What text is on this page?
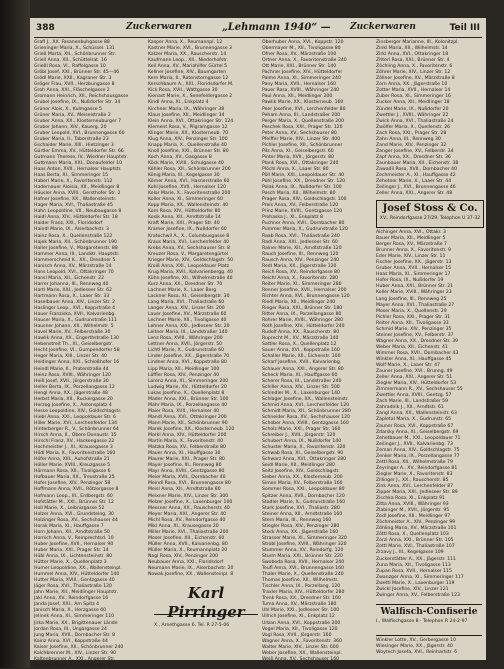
388	Zuckerwaren	„Lehmann 1940“ — Zuckerwaren	Teil III
Grafl J., XX. Fasanenbuhgasse 88
Grieninger Maria, X., Schüssel. 131
Grieß Marta, XII., Schönbrunner Str.
Griell Anna, XII., Schüttelrat. 16
Grießl Rosa, VI., Raffelgasse 10
Gröbl Josef, XXI., Brünner Str. 45—46
Grödl Marie, XXII., Kagraner Str. 3
Gröger Frau, XVII., Herzbungasse 8
Groh Anna, XXI., Fläschelgasse 2
Gromann Heinrich, XII., Reichshausgasse
Grubel Josefine, IX., Nußdorfer Str. 34
Grüner Alois, X., Kulmgasse 5
Grüner Maria, XV., Meiselstraße 2
Gruber Anna, XX., Klosterneuburger 7
Gruber Johann, XIV., Kauerg. 20
Gruber Leopold, XVI., Brunnengasse 60
Gruber Maria, II., Taborstraße 23
Gschaider Marie, XIII., Hietzinger 3
Gürtler Emma, XV., Hütteldorfer Str. 66
Gutmann Therese, IV., Wiedner Hauptstr.
Guttmann Maria, XXI., Donaufelder 10
Haas Anton, XVII., Hernalser Hauptstr.
Haas Berta, XI., Simmeringer 15
Haberl Marie, X., Favoritenstr. 112
Hadernauer Aloisia, XII., Meidlinger 8
Häusler Anna, XVIII., Gersthofer Str. 2
Hafner Josefine, XX., Wallensteinstr.
Hager Maria, XVI., Thaliastraße 45
Hahn Leopoldine, VII., Neubaugasse 8
Haidl Anna, XIV., Hütteldorfer Str. 18
Haider Franz, XXI., Floridsdorf
Haindl Marie, IX., Alserbachstr. 3
Hainz Rosa, X., Quellenstraße 122
Hajek Maria, XII., Schönbrunner 190
Haller Josefine, V., Margaretenstr. 88
Hammer Anna, III., Landstr. Hauptstr.
Hammerschmid K., XX., Dresdner 5
Hanisch Anna, XV., Märzstraße 14
Hans Leopold, XVI., Ottakringer 70
Hansl Maria, XII., Eichenstr. 22
Harrer Johanna, III., Rennweg 40
Hartl Marie, XXI., Jedleseer Str. 62
Hartmann Rosa, X., Laaer Str. 33
Haselbauer Anna, XIV., Linzer Str. 2
Haslinger Leop., XVI., Koppstraße 4
Hauer Franziska, XVII., Kalvarienbg.
Hauser Maria, X., Gudrunstraße 111
Hausner Johann, XII., Wilhelmstr. 5
Havel Marie, XV., Felberstraße 30
Hawlik Anna, XX., Engerthstraße 130
Hebenstreit Th., XI., Geiselbergstr.
Hecht Josefine, VI., Gumpendorfer 58
Heger Maria, XIII., Linzer Str. 40
Heidinger Anna, XXI., Schloßhofer 16
Heindl Marie, II., Praterstraße 44
Heinz Rosa, XVIII., Währinger 120
Heiß Josef, XVII., Jörgerstraße 30
Heller Berta, IX., Porzellangasse 12
Hengl Anna, XX., Jägerstraße 48
Herbst Maria, XII., Ruckergasse 20
Herzog Josefine, X., Antonsplatz 4
Hesse Leopoldine, XIV., Goldschlagstr.
Hiebl Anna, XXI., Leopoldauer Str. 6
Hiller Marie, XVI., Lerchenfelder 134
Hinterberger R., V., Schönbrunner 64
Hirsch Anna, II., Obere Donaustr. 15
Hirschl Franz, XV., Hackengasse 22
Hochmeister J., XI., Krausegasse 3
Hödl Maria, X., Favoritenstraße 160
Höfer Anna, XIII., Auhofstraße 21
Höller Marie, XVIII., Kreuzgasse 5
Hörmann Rosa, XII., Tivoligasse 6
Hofbauer Maria, XX., Treustraße 25
Hofer Josefine, XIV., Penzinger 58
Hoffmann Anna, XVII., Rötzergasse 8
Hofmann Leop., III., Erdbergstr. 60
Hofstätter M., XXI., Brünner Str. 12
Holl Marie, X., Leibnizgasse 52
Holzer Anna, XVI., Grundsteing. 30
Holzinger Rosa, XV., Sechshauser 44
Horak Maria, XI., Hauffgasse 7
Horn Johann, XII., Arndtstraße 50
Hornich Anna, V., Reinprechtsd. 10
Huber Josefine, XVII., Hernalser 90
Huber Maria, XXI., Prager Str. 14
Hübl Anna, IX., Lichtensteinstr. 80
Hütter Marie, X., Quellenplatz 3
Humer Leopoldine, XX., Wallensteinpl.
Hummel Anna, XIV., Hütteldorfer 140
Hutter Maria, XVIII., Gentzgasse 40
Jäger Rosa, XVI., Thaliastraße 120
Jahn Marie, XII., Meidlinger Hauptstr.
Jakl Anna, XV., Reindorfgasse 16
Janda Josef, XXI., Am Spitz 4
Janisch Maria, X., Herzgasse 60
Jelinek Anna, XI., Simmeringer 110
Jirka Marie, XX., Brigittenauer Lände
Jordan Rosa, III., Ungargasse 24
Jung Maria, XVII., Dornbacher Str. 8
Kainz Anna, XVI., Koppstraße 44
Kaiser Josefine, XII., Schönbrunner 240
Kalchbrenner M., XIV., Linzer Str. 90
Kaltenbrunner A., XXI., Angerer Str.
Kaminek Rosa, X., Laxenburger 50
Kasper Anna, X., Reumannpl. 12
Kastner Marie, XVI., Brunnengasse 3
Katzer Maria, XX., Rauscherstr. 14
Kaufmann Leop., XII., Niederhofstr.
Keil Anna, XV., Mariahilfer Gürtel 5
Kellner Josefine, XIV., Baumgarten
Kern Maria, II., Rotensterngasse 12
Kerschbaum A., XXI., Floridsdorfer M.
Kick Rosa, XVII., Wattgasse 30
Kienast Marie, X., Senefeldergasse 2
Kindl Anna, XI., Enkplatz 4
Kirchner Maria, IX., Währinger 38
Klaus Josefine, XII., Meidlinger 34
Klein Anna, XVI., Ottakringer Str. 124
Klement Rosa, V., Pilgramgasse 12
Klinger Marie, XX., Klosterneub. 70
Klug Anna, XIV., Penzinger Str. 100
Knapp Maria, X., Quellenstraße 40
Knoll Josefine, XXI., Brünner Str. 80
Koch Anna, XV., Gasgasse 8
Köck Marie, XVIII., Schulgasse 40
Köhler Rosa, XII., Schönbrunner 200
König Maria, III., Kegelgasse 30
Körner Anna, XVI., Hasnerstraße 60
Kohl Josefine, XVII., Hernalser 120
Kolar Marie, X., Favoritenstraße 200
Koller Anna, XI., Simmeringer 60
Kopp Maria, XX., Wallensteinstr. 40
Korn Rosa, XIV., Hütteldorfer 80
Kosik Anna, XII., Arndtstraße 14
Kraft Marie, XXI., Prager Str. 40
Kramer Josefine, IX., Nußdorfer 60
Kratochwil A., X., Columbusgasse 8
Kraus Maria, XVI., Lerchenfelder 40
Krebs Anna, XV., Sechshauser Str. 8
Kreuzer Rosa, V., Margaretengürtel
Krieger Marie, XIV., Goldschlagstr. 50
Kroiß Anna, XXI., Leopoldauer Platz
Krug Maria, XVII., Kalvarienbergg. 40
Kühn Josefine, XII., Wilhelmstraße 40
Kurz Anna, XX., Dresdner Str. 70
Lachner Marie, X., Laaer Berg
Lackner Rosa, XI., Geiselbergstr. 30
Lang Maria, XVI., Thaliastraße 60
Langer Anna, XIV., Linzer Str. 200
Lauer Josefine, XV., Märzstraße 60
Lechner Marie, XII., Tivoligasse 40
Lehner Anna, XXI., Jedleseer Str. 20
Leitner Maria, III., Landstraßer 140
Lenz Rosa, XVIII., Währinger 200
Lettner Anna, XVII., Jörgerstr. 50
Lichtl Marie, X., Gudrunstraße 60
Linder Josefine, XX., Jägerstraße 70
Lindner Anna, XVI., Koppstraße 80
Lipp Maria, XII., Meidlinger 100
Löffler Rosa, XIV., Penzinger 40
Lorenz Anna, XI., Simmeringer 200
Ludwig Marie, XV., Hütteldorfer 20
Lukas Josefine, X., Quellenplatz 8
Mader Anna, XXI., Brünner Str. 100
Mahr Maria, IX., Porzellangasse 40
Maier Rosa, XVII., Hernalser 40
Mandl Anna, XVI., Ottakringer 200
Mann Marie, XII., Schönbrunner 90
Marek Josefine, XX., Klosterneub. 120
Markl Anna, XIV., Hütteldorfer 200
Martin Maria, X., Favoritenstr. 40
Matzka Rosa, XV., Felberstraße 80
Mauer Anna, XI., Hauffgasse 30
Maurer Marie, XXI., Prager Str. 80
Mayer Josefine, III., Rennweg 80
Mayr Anna, XVIII., Gentzgasse 80
Meier Maria, XVII., Dornbacher 40
Meindl Rosa, XVI., Brunnengasse 80
Meisl Anna, XII., Arndtstraße 80
Meixner Marie, XIV., Linzer Str. 300
Melzer Josefine, X., Laxenburger 100
Messner Anna, XX., Rauscherstr. 40
Meyer Maria, XXI., Angerer Str. 40
Michl Rosa, XV., Reindorfgasse 40
Mikl Anna, XI., Krausegasse 20
Miller Marie, XVI., Thaliastraße 200
Moser Josefine, XII., Eichenstr. 60
Müller Anna, XVII., Kalvarienbg. 80
Müller Maria, X., Reumannplatz 20
Nagl Rosa, XIV., Penzinger 200
Neubauer Anna, XXI., Floridsdorf
Neumann Marie, IX., Alserbachstr. 20
Nowak Josefine, XX., Wallensteinpl. 8
Oberhuber Anna, XVI., Koppstr. 120
Obermayer M., XII., Tivoligasse 80
Ofner Rosa, XV., Märzstraße 100
Ortner Anna, X., Favoritenstraße 240
Ott Marie, XXI., Brünner Str. 140
Pachner Josefine, XIV., Hütteldorfer
Palme Anna, XI., Simmeringer 240
Pany Maria, XVII., Hernalser 160
Pauer Rosa, XVIII., Währinger 240
Paul Anna, XII., Meidlinger 200
Pawlik Marie, XX., Klosterneub. 160
Peer Josefine, XVI., Lerchenfelder 80
Peham Anna, III., Landstraßer 200
Perger Maria, X., Quellenstraße 200
Peschek Rosa, XXI., Prager Str. 120
Peter Anna, XV., Sechshauser 80
Pfeiffer Marie, XIV., Linzer Str. 400
Pichler Josefine, XII., Schönbrunner
Pilz Anna, XI., Geiselbergstr. 60
Pinter Maria, XVII., Jörgerstr. 80
Plank Rosa, XVI., Ottakringer 240
Plöchl Anna, X., Laaer Str. 80
Pöll Marie, XXI., Leopoldauer Str. 40
Pohl Josefine, XX., Dresdner Str. 120
Polak Anna, IX., Nußdorfer Str. 100
Posch Maria, XII., Wilhelmstr. 80
Prager Rosa, XIV., Goldschlagstr. 100
Preis Anna, XV., Felberstraße 120
Prinz Marie, XVIII., Gentzgasse 120
Prohaska J., XI., Enkplatz 8
Puchner Anna, XVII., Dornbacher 80
Pummer Maria, X., Gudrunstraße 120
Raab Rosa, XVI., Thaliastraße 240
Radl Anna, XXI., Jedleseer Str. 60
Rainer Marie, XII., Arndtstraße 120
Rauch Josefine, III., Rennweg 120
Rausch Anna, XIV., Penzinger 240
Redl Maria, XX., Jägerstraße 120
Reich Rosa, XV., Reindorfgasse 80
Reichl Anna, X., Favoritenstr. 280
Reiter Marie, XI., Simmeringer 280
Renner Josefine, XVII., Hernalser 200
Richter Anna, XVI., Brunnengasse 120
Riedl Maria, XII., Meidlinger 240
Rieger Rosa, XXI., Brünner Str. 180
Ritter Anna, IX., Porzellangasse 80
Rohrer Marie, XVIII., Währinger 280
Roth Josefine, XIV., Hütteldorfer 240
Rudolf Anna, XX., Rauscherstr. 80
Ruprecht M., XV., Märzstraße 140
Sattler Rosa, X., Quellenplatz 12
Sauer Anna, XVI., Koppstraße 160
Schaller Marie, XII., Eichenstr. 100
Scharf Josefine, XVII., Kalvarienbg.
Schauer Anna, XXI., Angerer Str. 80
Scheck Maria, XI., Hauffgasse 60
Scherer Rosa, III., Landstraßer 240
Schiller Anna, XIV., Linzer Str. 500
Schindler M., X., Laxenburger 140
Schlager Josefine, XX., Wallensteinstr.
Schmid Anna, XVI., Lerchenfelder 120
Schmidt Maria, XII., Schönbrunner 280
Schneider Rosa, XV., Sechshauser 120
Schober Anna, XVIII., Gentzgasse 160
Scholz Marie, XXI., Prager Str. 160
Schreiber J., XVII., Jörgerstr. 120
Schubert Anna, IX., Nußdorfer 140
Schuster Maria, X., Favoritenstr. 320
Schwab Rosa, XI., Geiselbergstr. 90
Schwarz Anna, XVI., Ottakringer 280
Seidl Marie, XII., Meidlinger 280
Seitz Josefine, XIV., Goldschlagstr.
Sieber Anna, XX., Klosterneub. 200
Simon Maria, XV., Felberstraße 160
Sommer Rosa, XXI., Leopoldauer 80
Spitzer Anna, XVII., Dornbacher 120
Stadler Marie, X., Gudrunstraße 160
Stark Josefine, XVI., Thaliastr. 280
Steiner Anna, XII., Arndtstraße 160
Stern Maria, III., Rennweg 160
Stiegler Rosa, XIV., Penzinger 280
Stock Anna, XX., Jägerstraße 160
Strasser Marie, XI., Simmeringer 320
Strobl Josefine, XVIII., Währinger 320
Stummer Anna, XV., Reindorfg. 120
Sturm Maria, XXI., Brünner Str. 220
Swoboda Rosa, XVII., Hernalser 240
Teufl Anna, XVI., Brunnengasse 160
Thaler Marie, X., Quellenstraße 240
Thomas Josefine, XII., Wilhelmstr.
Tischler Anna, IX., Porzellang. 120
Traxler Maria, XIV., Hütteldorfer 280
Trenk Rosa, XX., Dresdner Str. 160
Tuma Anna, XV., Märzstraße 180
Uhl Marie, XXI., Jedleseer Str. 100
Ullrich Josefine, XI., Enkplatz 12
Urban Anna, XVI., Koppstraße 200
Vogel Maria, XII., Tivoligasse 120
Vogl Rosa, XVII., Jörgerstr. 160
Wagner Anna, X., Favoritenstr. 360
Walter Marie, XIV., Linzer Str. 600
Weber Josefine, XX., Wallensteinpl.
Weiß Anna, XV., Sechshauser 160
Zinsberger Marianne, III., Kolonitzpl.
Zinkl Maria, XII., Wilhelmstr. 14
Zirkl Anna, XVI., Ottakringer 18
Zitterl Rosa, XXI., Brünner Str. 4
Zöchling Anna, X., Favoritenstr. 6
Zöhrer Marie, XIV., Linzer Str. 12
Zöllner Josefine, XV., Märzstraße 8
Zorn Anna, XX., Jägerstraße 10
Zotter Maria, XVII., Hernalser 14
Zuber Rosa, XI., Simmeringer 16
Zucker Anna, XII., Meidlinger 18
Zündel Marie, IX., Nußdorfer 20
Zwettler J., XVIII., Währinger 22
Zwick Anna, XVI., Thaliastraße 24
Zwölfer Maria, X., Quellenstr. 26
Zach Rosa, XXI., Prager Str. 28
Zahn Anna, III., Rennweg 30
Zand Marie, XIV., Penzinger 32
Zanger Josefine, XV., Felberstr. 34
Zapf Anna, XX., Dresdner Str. 36
Zaunbauer Maria, XII., Eichenstr. 38
Zawadil Rosa, XVII., Dornbacher 40
Zechmeister A., XI., Hauffgasse 42
Zehetner Marie, X., Laaer Str. 44
Zeilinger J., XVI., Brunnengasse 46
Zeller Anna, XXI., Angerer Str. 48
Josef Stoss & Co.
XV., Reindorfgasse 27/29. Telephon U 37-32
Aichinger Anna, XVI., Ottakr. 3
Bauer Maria, XII., Meidlinger 5
Berger Rosa, XV., Märzstraße 7
Brunner Anna, X., Favoritenstr. 9
Eder Marie, XIV., Linzer Str. 11
Fischer Josefine, XX., Jägerstr. 13
Gruber Anna, XVII., Hernalser 15
Haas Maria, XI., Simmeringer 17
Hofer Rosa, IX., Nußdorfer 19
Huber Anna, XXI., Brünner Str. 21
Koller Marie, XVIII., Währinger 23
Lang Josefine, III., Rennweg 25
Mayer Anna, XVI., Thaliastraße 27
Moser Maria, X., Quellenstr. 29
Pichler Rosa, XXI., Prager Str. 31
Reiter Anna, XII., Tivoligasse 33
Schmid Marie, XIV., Penzinger 35
Steiner Josefine, XV., Felberstr. 37
Wagner Anna, XX., Dresdner Str. 39
Weber Maria, XII., Eichenstr. 41
Wimmer Rosa, XVII., Dornbacher 43
Winkler Anna, XI., Hauffgasse 45
Wolf Marie, X., Laaer Str. 47
Zauner Josefine, XVI., Brunng. 49
Zeller Anna, XXI., Angerer Str. 51
Ziegler Maria, XIV., Hütteldorfer 53
Zimmermann R., XV., Sechshauser 55
Zwettler Anna, XVIII., Gentzg. 57
Zach Marie, III., Landstraßer 59
Zahradnik J., XII., Arndtstr. 61
Zangl Anna, XX., Wallensteinstr. 63
Zapletal Maria, X., Gudrunstr. 65
Zauner Rosa, XVI., Koppstraße 67
Zdarsky Anna, XI., Geiselbergstr. 69
Zehetbauer M., XXI., Leopoldauer 71
Zeilinger J., XVII., Kalvarienbg. 73
Zeman Anna, XIV., Goldschlagstr. 75
Zenker Maria, IX., Porzellangasse 77
Zettl Rosa, XII., Wilhelmstraße 79
Zeyringer A., XV., Reindorfgasse 81
Ziegler Marie, X., Favoritenstr. 83
Zillinger J., XX., Rauscherstr. 85
Zink Anna, XVI., Lerchenfelder 87
Zipper Maria, XXI., Jedleseer Str. 89
Zischka Rosa, XI., Enkplatz 91
Zitta Anna, XVIII., Währinger 93
Zlabinger M., XVII., Jörgerstr. 95
Zodl Josefine, XII., Meidlinger 97
Zöchmeister A., XIV., Penzinger 99
Zöhling Maria, XV., Märzstraße 101
Zöttl Rosa, X., Quellenplatz 103
Zorzi Anna, XXI., Brünner Str. 105
Zottl Marie, XVI., Thaliastraße 107
Zrzavy J., III., Kegelgasse 109
Zuckerstätter A., XX., Jägerstr. 111
Zuna Maria, XII., Tivoligasse 113
Zupan Rosa, XVII., Hernalser 115
Zwanzger Anna, XI., Simmeringer 117
Zwettl Marie, X., Laxenburger 119
Zwickl Josefine, XIV., Linzer 121
Zwinger Anna, XV., Felberstraße 123
Karl Pirringer
X., Arnethgasse 6. Tel. R 27-5-06
Walfisch-Confiserie
I., Walfischgasse 8 · Telephon R 24-2-97
Winkler Lotte, XV., Gerbergasse 10
Wiesinger Marie, XX., Jägerstr. 40
Woytech Josefa, XVI., Reinhartstr. 6
